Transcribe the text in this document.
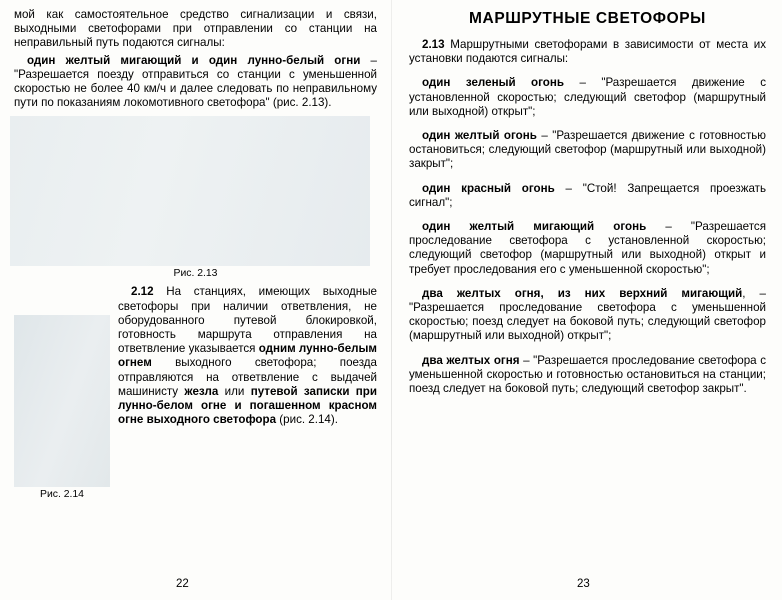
мой как самостоятельное средство сигнализации и связи, выходными светофорами при отправлении со станции на неправильный путь подаются сигналы:

один желтый мигающий и один лунно-белый огни – "Разрешается поезду отправиться со станции с уменьшенной скоростью не более 40 км/ч и далее следовать по неправильному пути по показаниям локомотивного светофора" (рис. 2.13).

Рис. 2.13
Рис. 2.14

2.12 На станциях, имеющих выходные светофоры при наличии ответвления, не оборудованного путевой блокировкой, готовность маршрута отправления на ответвление указывается одним лунно-белым огнем выходного светофора; поезда отправляются на ответвление с выдачей машинисту жезла или путевой записки при лунно-белом огне и погашенном красном огне выходного светофора (рис. 2.14).

22
МАРШРУТНЫЕ СВЕТОФОРЫ

2.13 Маршрутными светофорами в зависимости от места их установки подаются сигналы:

один зеленый огонь – "Разрешается движение с установленной скоростью; следующий светофор (маршрутный или выходной) открыт";

один желтый огонь – "Разрешается движение с готовностью остановиться; следующий светофор (маршрутный или выходной) закрыт";

один красный огонь – "Стой! Запрещается проезжать сигнал";

один желтый мигающий огонь – "Разрешается проследование светофора с установленной скоростью; следующий светофор (маршрутный или выходной) открыт и требует проследования его с уменьшенной скоростью";

два желтых огня, из них верхний мигающий, – "Разрешается проследование светофора с уменьшенной скоростью; поезд следует на боковой путь; следующий светофор (маршрутный или выходной) открыт";

два желтых огня – "Разрешается проследование светофора с уменьшенной скоростью и готовностью остановиться на станции; поезд следует на боковой путь; следующий светофор закрыт".

23
